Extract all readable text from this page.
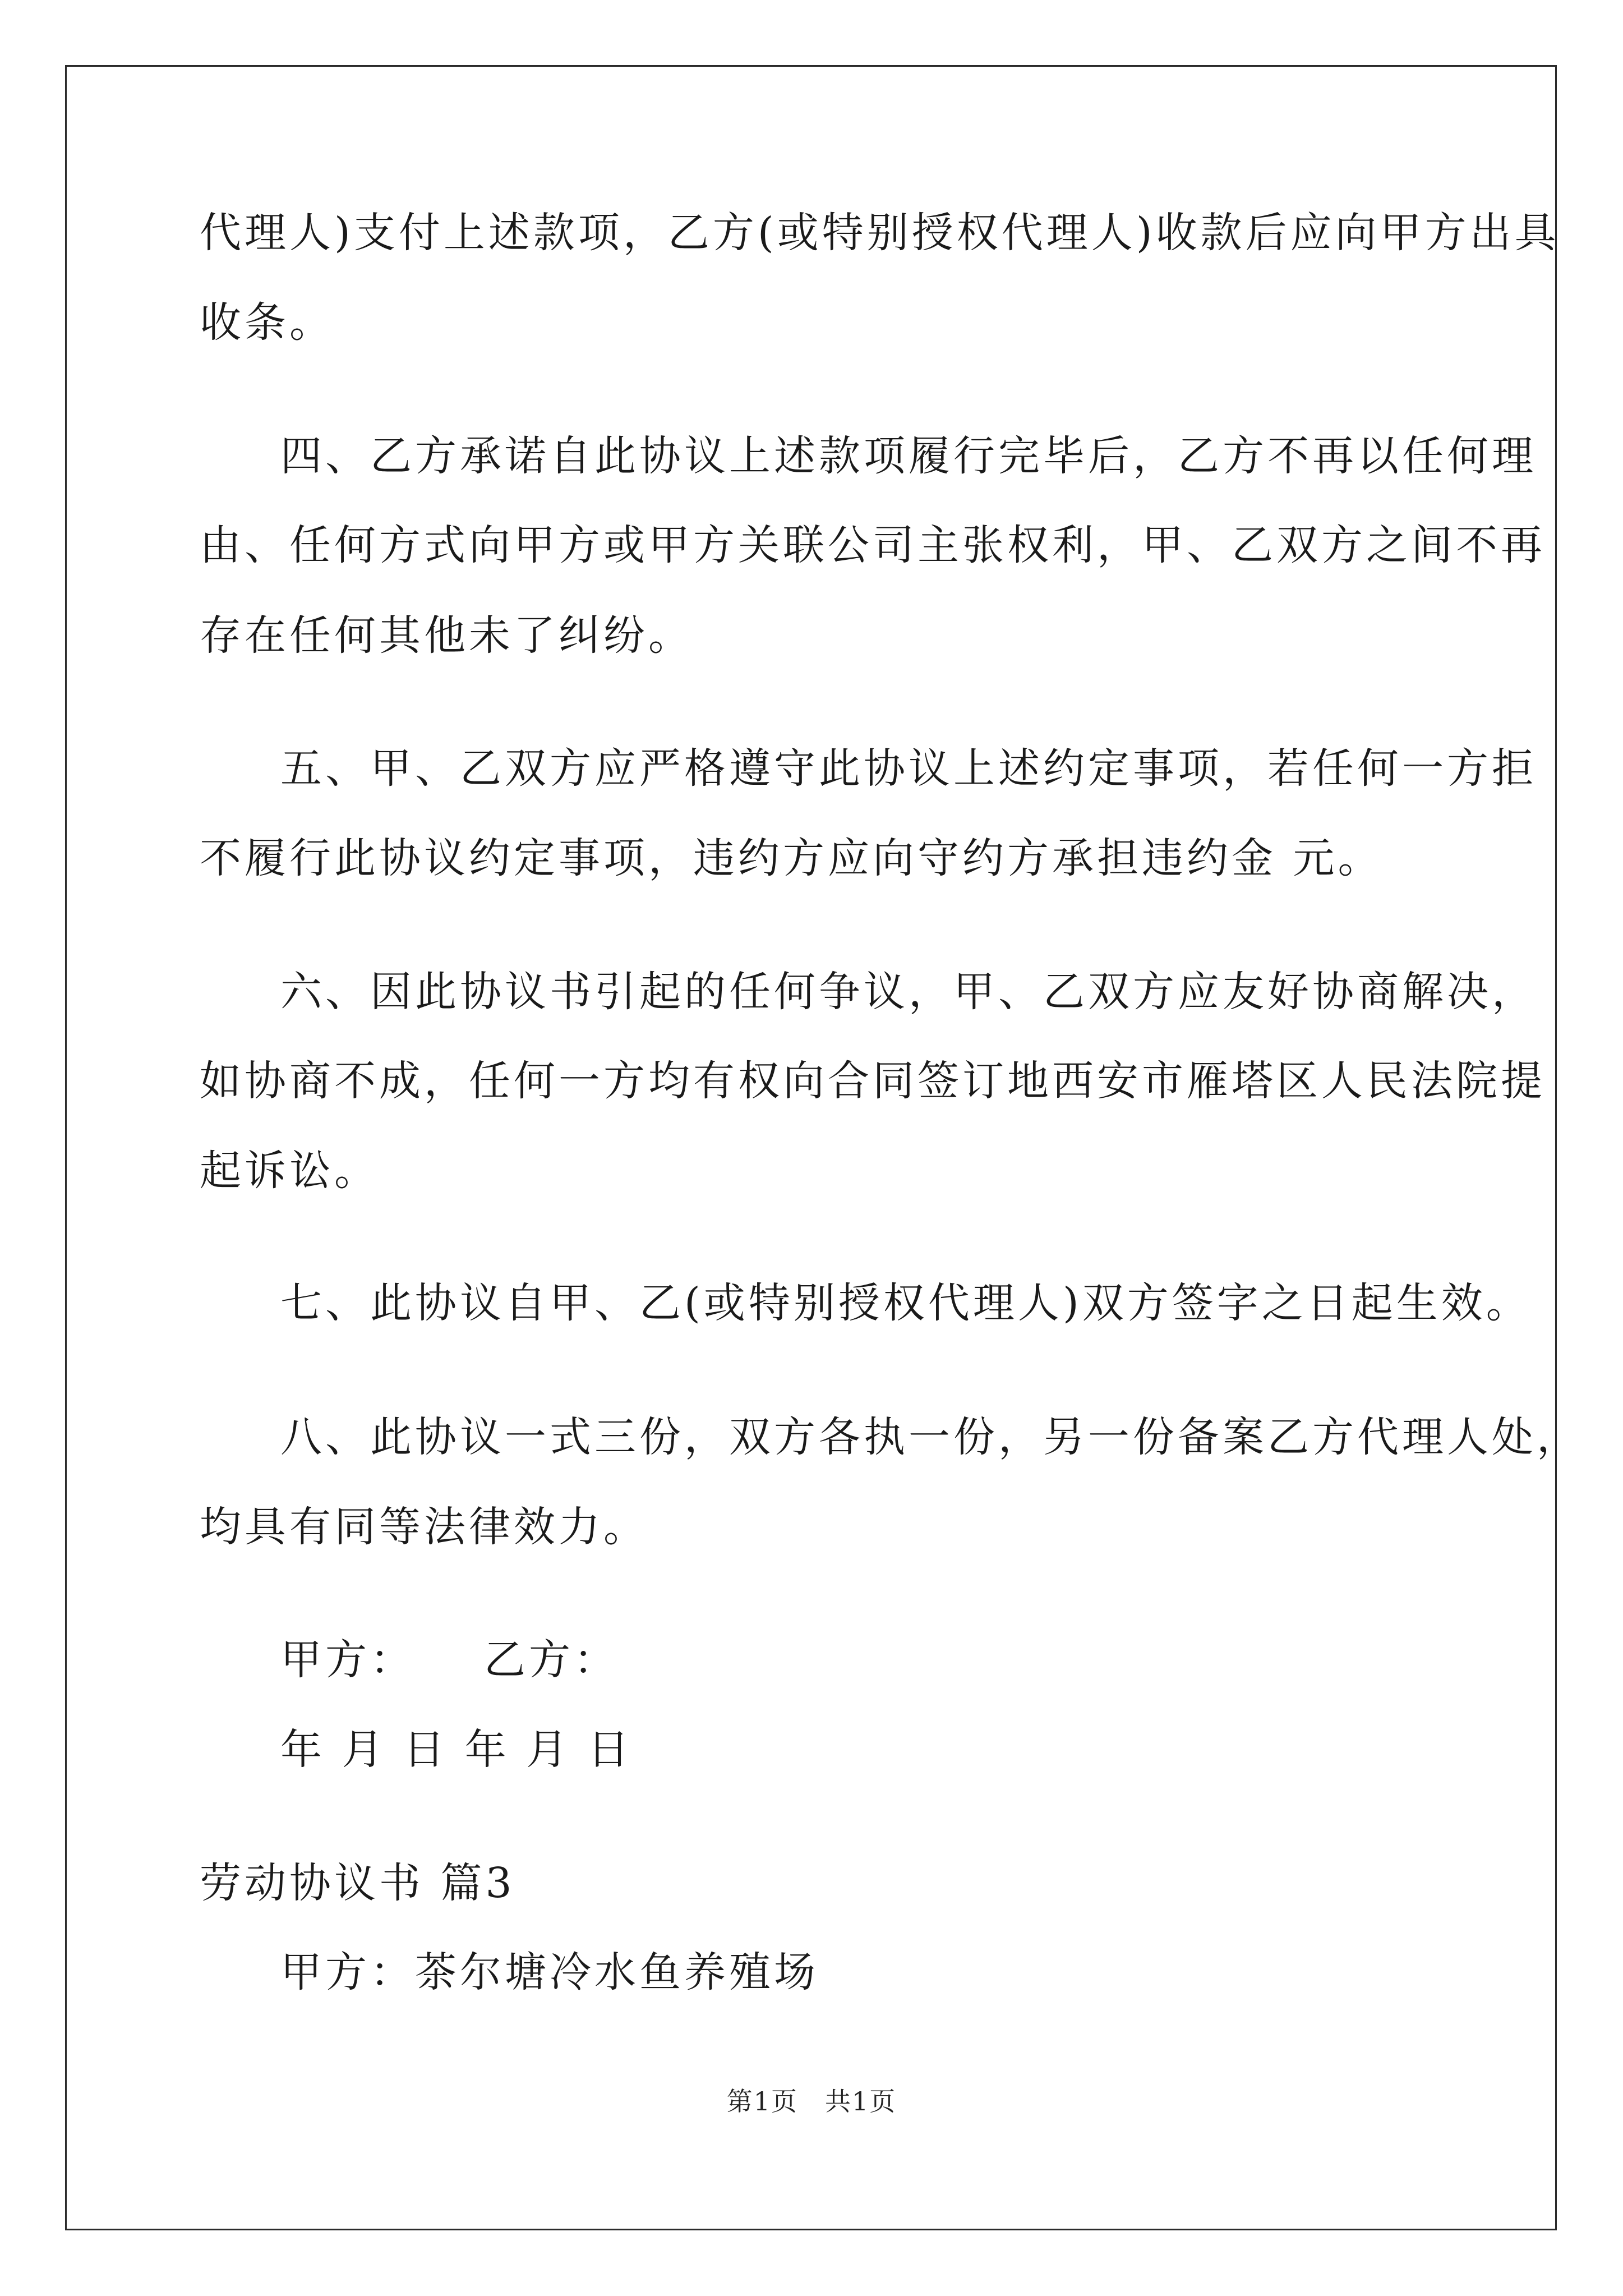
代理人)支付上述款项，乙方(或特别授权代理人)收款后应向甲方出具
收条。
四、乙方承诺自此协议上述款项履行完毕后，乙方不再以任何理
由、任何方式向甲方或甲方关联公司主张权利，甲、乙双方之间不再
存在任何其他未了纠纷。
五、甲、乙双方应严格遵守此协议上述约定事项，若任何一方拒
不履行此协议约定事项，违约方应向守约方承担违约金 元。
六、因此协议书引起的任何争议，甲、乙双方应友好协商解决，
如协商不成，任何一方均有权向合同签订地西安市雁塔区人民法院提
起诉讼。
七、此协议自甲、乙(或特别授权代理人)双方签字之日起生效。
八、此协议一式三份，双方各执一份，另一份备案乙方代理人处，
均具有同等法律效力。
甲方：　　乙方：
年 月 日 年 月 日
劳动协议书 篇3
甲方：茶尔塘冷水鱼养殖场
第1页　共1页
